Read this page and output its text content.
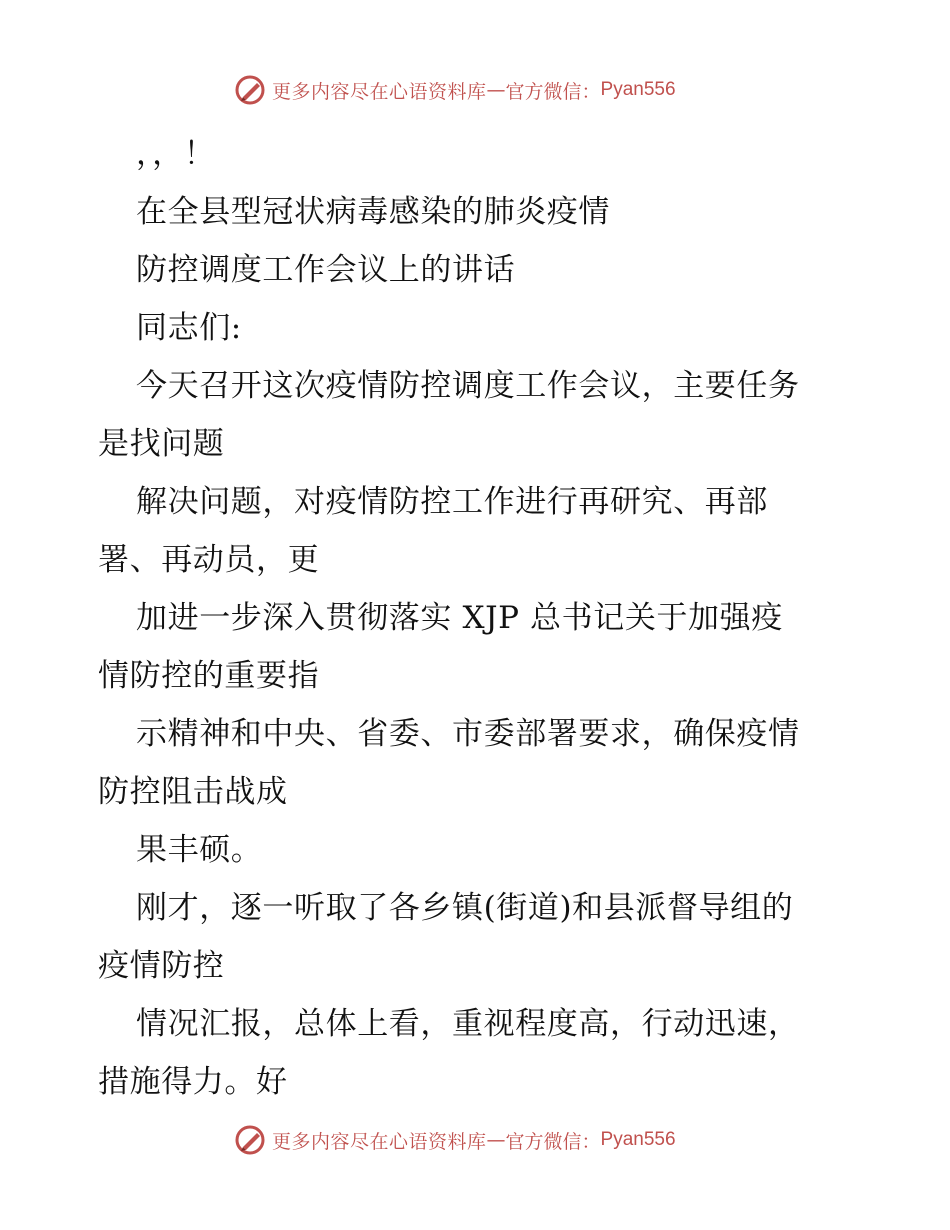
更多内容尽在心语资料库 — 官方微信： Pyan556
，，！
在全县型冠状病毒感染的肺炎疫情
防控调度工作会议上的讲话
同志们:
今天召开这次疫情防控调度工作会议，主要任务
是找问题
解决问题，对疫情防控工作进行再研究、再部
署、再动员，更
加进一步深入贯彻落实 XJP 总书记关于加强疫
情防控的重要指
示精神和中央、省委、市委部署要求，确保疫情
防控阻击战成
果丰硕。
刚才，逐一听取了各乡镇(街道)和县派督导组的
疫情防控
情况汇报，总体上看，重视程度高，行动迅速，
措施得力。好
更多内容尽在心语资料库 — 官方微信： Pyan556
